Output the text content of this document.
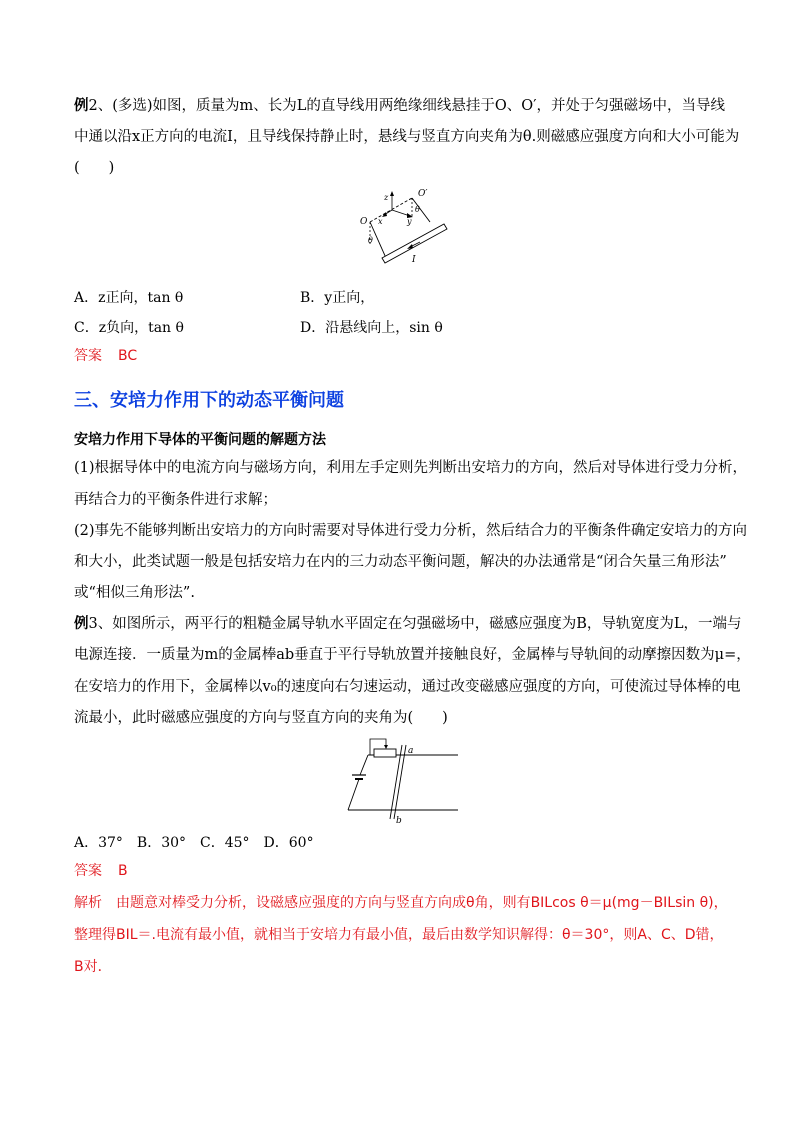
例2、(多选)如图，质量为m、长为L的直导线用两绝缘细线悬挂于O、O′，并处于匀强磁场中，当导线
中通以沿x正方向的电流I，且导线保持静止时，悬线与竖直方向夹角为θ.则磁感应强度方向和大小可能为
(　　)
z	O′
θ
O x	y
θ
I
A．z正向，tan θ	B．y正向，
C．z负向，tan θ	D．沿悬线向上，sin θ
答案 BC
三、安培力作用下的动态平衡问题
安培力作用下导体的平衡问题的解题方法
(1)根据导体中的电流方向与磁场方向，利用左手定则先判断出安培力的方向，然后对导体进行受力分析，
再结合力的平衡条件进行求解；
(2)事先不能够判断出安培力的方向时需要对导体进行受力分析，然后结合力的平衡条件确定安培力的方向
和大小，此类试题一般是包括安培力在内的三力动态平衡问题，解决的办法通常是“闭合矢量三角形法”
或“相似三角形法”.
例3、如图所示，两平行的粗糙金属导轨水平固定在匀强磁场中，磁感应强度为B，导轨宽度为L，一端与
电源连接．一质量为m的金属棒ab垂直于平行导轨放置并接触良好，金属棒与导轨间的动摩擦因数为μ=，
在安培力的作用下，金属棒以v₀的速度向右匀速运动，通过改变磁感应强度的方向，可使流过导体棒的电
流最小，此时磁感应强度的方向与竖直方向的夹角为(　　)
a
b
A．37°　B．30°　C．45°　D．60°
答案 B
解析 由题意对棒受力分析，设磁感应强度的方向与竖直方向成θ角，则有BILcos θ＝μ(mg－BILsin θ)，
整理得BIL＝.电流有最小值，就相当于安培力有最小值，最后由数学知识解得：θ＝30°，则A、C、D错，
B对．
